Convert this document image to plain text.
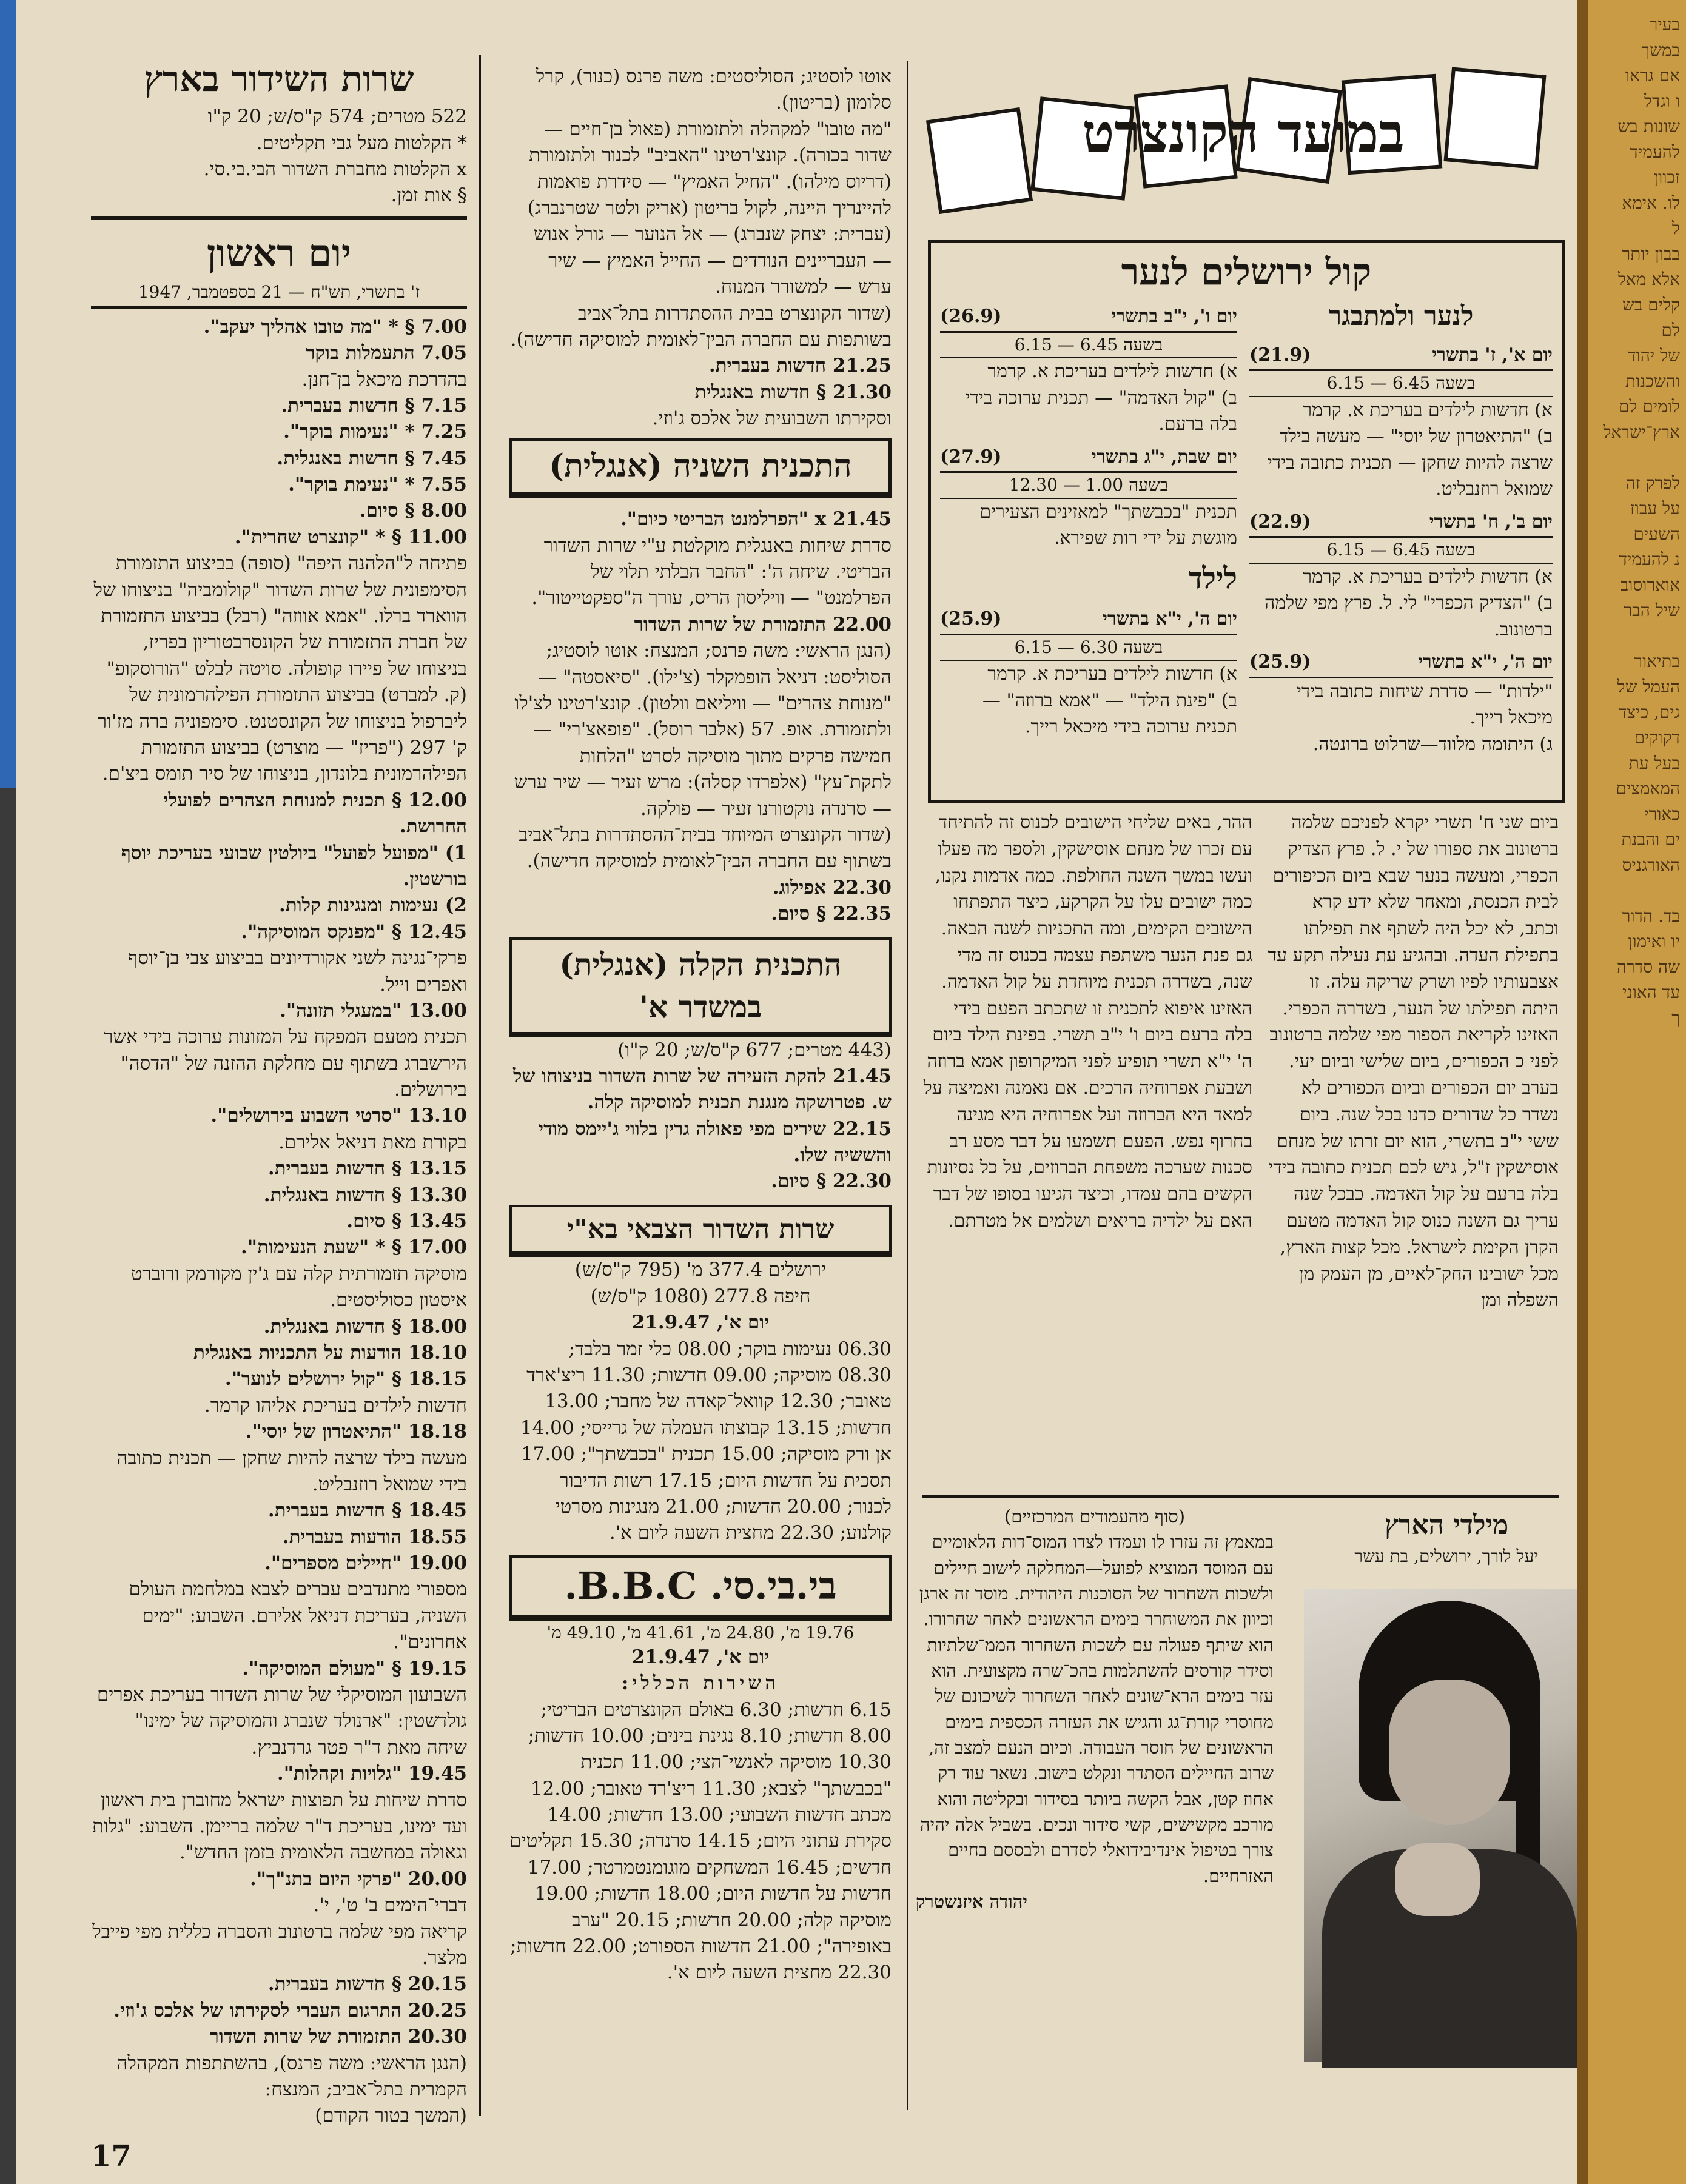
שרות השידור בארץ
522 מטרים; 574 ק"ס/ש; 20 ק"ו
* הקלטות מעל גבי תקליטים.
x הקלטות מחברת השדור הבי.בי.סי.
§ אות זמן.
יום ראשון
ז' בתשרי, תש"ח — 21 בספטמבר, 1947
7.00 § * "מה טובו אהליך יעקב".
7.05 התעמלות בוקר
בהדרכת מיכאל בן־חנן.
7.15 § חדשות בעברית.
7.25 * "נעימות בוקר".
7.45 § חדשות באנגלית.
7.55 * "נעימת בוקר".
8.00 § סיום.
11.00 § * "קונצרט שחרית".
פתיחה ל"הלהנה היפה" (סופה) בביצוע התזמורת הסימפונית של שרות השדור "קולומביה" בניצוחו של הווארד ברלו. "אמא אווזה" (רבל) בביצוע התזמורת של חברת התזמורת של הקונסרבטוריון בפריז, בניצוחו של פיירו קופולה. סויטה לבלט "הורוסקופ" (ק. למברט) בביצוע התזמורת הפילהרמונית של ליברפול בניצוחו של הקונסטנט. סימפוניה ברה מז'ור ק' 297 ("פריז" — מוצרט) בביצוע התזמורת הפילהרמונית בלונדון, בניצוחו של סיר תומס ביצ'ם.
12.00 § תכנית למנוחת הצהרים לפועלי החרושת.
1) "מפועל לפועל" ביולטין שבועי בעריכת יוסף בורשטין.
2) נעימות ומנגינות קלות.
12.45 § "מפנקס המוסיקה".
פרקי־נגינה לשני אקורדיונים בביצוע צבי בן־יוסף ואפרים וייל.
13.00 "במעגלי תזונה".
תכנית מטעם המפקח על המזונות ערוכה בידי אשר הירשברג בשתוף עם מחלקת ההזנה של "הדסה" בירושלים.
13.10 "סרטי השבוע בירושלים".
בקורת מאת דניאל אלירם.
13.15 § חדשות בעברית.
13.30 § חדשות באנגלית.
13.45 § סיום.
17.00 § * "שעת הנעימות".
מוסיקה תזמורתית קלה עם ג'ין מקורמק ורוברט איסטון כסוליסטים.
18.00 § חדשות באנגלית.
18.10 הודעות על התכניות באנגלית
18.15 § "קול ירושלים לנוער".
חדשות לילדים בעריכת אליהו קרמר.
18.18 "התיאטרון של יוסי".
מעשה בילד שרצה להיות שחקן — תכנית כתובה בידי שמואל רוזנבליט.
18.45 § חדשות בעברית.
18.55 הודעות בעברית.
19.00 "חיילים מספרים".
מספורי מתנדבים עברים לצבא במלחמת העולם השניה, בעריכת דניאל אלירם. השבוע: "ימים אחרונים".
19.15 § "מעולם המוסיקה".
השבועון המוסיקלי של שרות השדור בעריכת אפרים גולדשטין: "ארנולד שנברג והמוסיקה של ימינו" שיחה מאת ד"ר פטר גרדנביץ.
19.45 "גלויות וקהלות".
סדרת שיחות על תפוצות ישראל מחוברן בית ראשון ועד ימינו, בעריכת ד"ר שלמה בריימן. השבוע: "גלות וגאולה במחשבה הלאומית בזמן החדש".
20.00 "פרקי היום בתנ"ך".
דברי־הימים ב' ט', י'.
קריאה מפי שלמה ברטונוב והסברה כללית מפי פייבל מלצר.
20.15 § חדשות בעברית.
20.25 התרגום העברי לסקירתו של אלכס ג'וזי.
20.30 התזמורת של שרות השדור
(הנגן הראשי: משה פרנס), בהשתתפות המקהלה הקמרית בתל־אביב; המנצח:
(המשך בטור הקודם)
אוטו לוסטיג; הסוליסטים: משה פרנס (כנור), קרל סלומון (בריטון).
"מה טובו" למקהלה ולתזמורת (פאול בן־חיים — שדור בכורה). קונצ'רטינו "האביב" לכנור ולתזמורת (דריוס מילהו). "החיל האמיץ" — סידרת פואמות להיינריך היינה, לקול בריטון (אריק ולטר שטרנברג) (עברית: יצחק שנברג) — אל הנוער — גורל אנוש — העבריינים הנודדים — החייל האמיץ — שיר ערש — למשורר המנוח.
(שדור הקונצרט בבית ההסתדרות בתל־אביב בשותפות עם החברה הבין־לאומית למוסיקה חדישה).
21.25 חדשות בעברית.
21.30 § חדשות באנגלית
וסקירתו השבועית של אלכס ג'וזי.
התכנית השניה (אנגלית)
21.45 x "הפרלמנט הבריטי כיום".
סדרת שיחות באנגלית מוקלטת ע"י שרות השדור הבריטי. שיחה ה': "החבר הבלתי תלוי של הפרלמנט" — וויליסון הריס, עורך ה"ספקטייטור".
22.00 התזמורת של שרות השדור
(הנגן הראשי: משה פרנס; המנצח: אוטו לוסטיג; הסוליסט: דניאל הופמקלר (צ'ילו). "סיאסטה" — "מנוחת צהרים" — וויליאם וולטון). קונצ'רטינו לצ'לו ולתזמורת. אופ. 57 (אלבר רוסל). "פופאצ'רי" — חמישה פרקים מתוך מוסיקה לסרט "הלחות לתקת־עץ" (אלפרדו קסלה): מרש זעיר — שיר ערש — סרנדה נוקטורנו זעיר — פולקה.
(שדור הקונצרט המיוחד בבית־ההסתדרות בתל־אביב בשתוף עם החברה הבין־לאומית למוסיקה חדישה).
22.30 אפילוג.
22.35 § סיום.
התכנית הקלה (אנגלית)
במשדר א'
(443 מטרים; 677 ק"ס/ש; 20 ק"ו)
21.45 להקת הזעירה של שרות השדור בניצוחו של ש. פטרושקה מנגנת תכנית למוסיקה קלה.
22.15 שירים מפי פאולה גרין בלווי ג'יימס מודי והששיה שלו.
22.30 § סיום.
שרות השדור הצבאי בא"י
ירושלים 377.4 מ' (795 ק"ס/ש)
חיפה 277.8 (1080 ק"ס/ש)
יום א', 21.9.47
06.30 נעימות בוקר; 08.00 כלי זמר בלבד; 08.30 מוסיקה; 09.00 חדשות; 11.30 ריצ'ארד טאובר; 12.30 קוואל־קאדה של מחבר; 13.00 חדשות; 13.15 קבוצתו העמלה של גרייסי; 14.00 אן ורק מוסיקה; 15.00 תכנית "בכבשתך"; 17.00 תסכית על חדשות היום; 17.15 רשות הדיבור לכנור; 20.00 חדשות; 21.00 מנגינות מסרטי קולנוע; 22.30 מחצית השעה ליום א'.
בי.בי.סי. B.B.C.
19.76 מ', 24.80 מ', 41.61 מ', 49.10 מ'
יום א', 21.9.47
השירות הכללי:
6.15 חדשות; 6.30 באולם הקונצרטים הבריטי; 8.00 חדשות; 8.10 נגינת בינים; 10.00 חדשות; 10.30 מוסיקה לאנשי־הצי; 11.00 תכנית "בכבשתך" לצבא; 11.30 ריצ'רד טאובר; 12.00 מכתב חדשות השבועי; 13.00 חדשות; 14.00 סקירת עתוני היום; 14.15 סרנדה; 15.30 תקליטים חדשים; 16.45 המשחקים מוגומנטמרטר; 17.00 חדשות על חדשות היום; 18.00 חדשות; 19.00 מוסיקה קלה; 20.00 חדשות; 20.15 "ערב באופירה"; 21.00 חדשות הספורט; 22.00 חדשות; 22.30 מחצית השעה ליום א'.
במועד הקונצרט
קול ירושלים לנער
לנער ולמתבגר
יום א', ז' בתשרי
(21.9)
בשעה 6.45 — 6.15
א) חדשות לילדים בעריכת א. קרמר
ב) "התיאטרון של יוסי" — מעשה בילד שרצה להיות שחקן — תכנית כתובה בידי שמואל רוזנבליט.
יום ב', ח' בתשרי
(22.9)
בשעה 6.45 — 6.15
א) חדשות לילדים בעריכת א. קרמר
ב) "הצדיק הכפרי" לי. ל. פרץ מפי שלמה ברטונוב.
יום ה', י"א בתשרי
(25.9)
"ילדות" — סדרת שיחות כתובה בידי מיכאל רייך.
ג) היתומה מלווד—שרלוט ברונטה.
יום ו', י"ב בתשרי
(26.9)
בשעה 6.45 — 6.15
א) חדשות לילדים בעריכת א. קרמר
ב) "קול האדמה" — תכנית ערוכה בידי בלה ברעם.
יום שבת, י"ג בתשרי
(27.9)
בשעה 1.00 — 12.30
תכנית "בכבשתך" למאזינים הצעירים מוגשת על ידי רות שפירא.
לילד
יום ה', י"א בתשרי
(25.9)
בשעה 6.30 — 6.15
א) חדשות לילדים בעריכת א. קרמר
ב) "פינת הילד" — "אמא ברוזה" — תכנית ערוכה בידי מיכאל רייך.
ביום שני ח' תשרי יקרא לפניכם שלמה ברטונוב את ספורו של י. ל. פרץ הצדיק הכפרי, ומעשה בנער שבא ביום הכיפורים לבית הכנסת, ומאחר שלא ידע קרא וכתב, לא יכל היה לשתף את תפילתו בתפילת העדה. ובהגיע עת נעילה תקע עד אצבעותיו לפיו ושרק שריקה עלה. זו היתה תפילתו של הנער, בשדרה הכפרי. האזינו לקריאת הספור מפי שלמה ברטונוב לפני כ הכפורים, ביום שלישי וביום יעי. בערב יום הכפורים וביום הכפורים לא נשדר כל שדורים כדנו בכל שנה. ביום ששי י"ב בתשרי, הוא יום זרתו של מנחם אוסישקין ז"ל, גיש לכם תכנית כתובה בידי בלה ברעם על קול האדמה. כבכל שנה עריך גם השנה כנוס קול האדמה מטעם הקרן הקימת לישראל. מכל קצות הארץ, מכל ישובינו החק־לאיים, מן העמק מן השפלה ומן
ההר, באים שליחי הישובים לכנוס זה להתיחד עם זכרו של מנחם אוסישקין, ולספר מה פעלו ועשו במשך השנה החולפת. כמה אדמות נקנו, כמה ישובים עלו על הקרקע, כיצד התפתחו הישובים הקימים, ומה התכניות לשנה הבאה. גם פנת הנער משתפת עצמה בכנוס זה מדי שנה, בשדרה תכנית מיוחדת על קול האדמה. האזינו איפוא לתכנית זו שתכתב הפעם בידי בלה ברעם ביום ו' י"ב תשרי. בפינת הילד ביום ה' י"א תשרי תופיע לפני המיקרופון אמא ברוזה ושבעת אפרוחיה הרכים. אם נאמנה ואמיצה על למאד היא הברוזה ועל אפרוחיה היא מגינה בחרוף נפש. הפעם תשמעו על דבר מסע רב סכנות שערכה משפחת הברוזים, על כל נסיונות הקשים בהם עמדו, וכיצד הגיעו בסופו של דבר האם על ילדיה בריאים ושלמים אל מטרתם.
(סוף מהעמודים המרכזיים)
במאמץ זה עזרו לו ועמדו לצדו המוס־דות הלאומיים עם המוסד המוציא לפועל—המחלקה לישוב חיילים ולשכות השחרור של הסוכנות היהודית. מוסד זה ארגן וכיוון את המשוחרר בימים הראשונים לאחר שחרורו. הוא שיתף פעולה עם לשכות השחרור הממ־שלתיות וסידר קורסים להשתלמות בהכ־שרה מקצועית. הוא עזר בימים הרא־שונים לאחר השחרור לשיכונם של מחוסרי קורת־גג והגיש את העזרה הכספית בימים הראשונים של חוסר העבודה. וכיום הנעם למצב זה, שרוב החיילים הסתדר ונקלט בישוב. נשאר עוד רק אחוז קטן, אבל הקשה ביותר בסידור ובקליטה והוא מורכב מקשישים, קשי סידור ונכים. בשביל אלה יהיה צורך בטיפול אינדיבידואלי לסדרם ולבססם בחיים האזרחיים.
יהודה איזנשטרק
מילדי הארץ
יעל לורך, ירושלים, בת עשר
17
בעיר
במשך
אם גראו
ו וגדל
שונות בש
להעמיד
זכוון
לו. אימא
ל
בבון יותר
אלא מאל
קלים בש
לם
של יהוד
והשכנות
לומים לם
ארץ־ישראל

לפרק זה
על עבוז
השעים
נ להעמיד
אוארוסוב
שיל הבר

בתיאור
העמל של
גים, כיצד
דקוקים
בעל עת
המאמצים
כאורי
ים והבנת
האורגניס

בד. הדור
יו ואימון
שה סדרה
עד האוני
ך
